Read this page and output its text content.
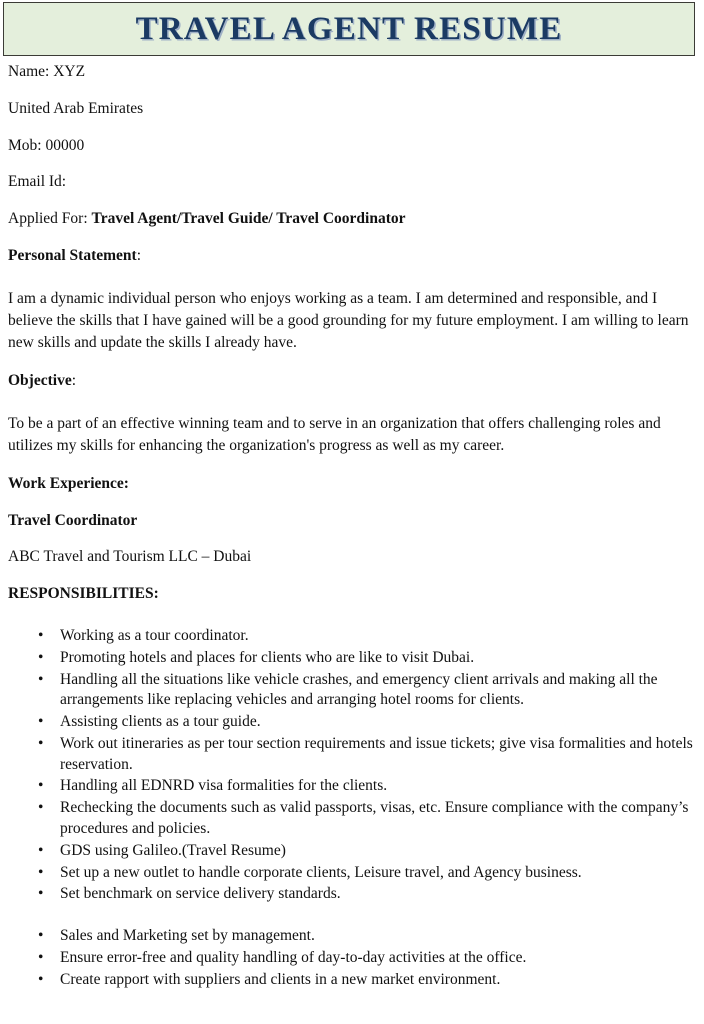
TRAVEL AGENT RESUME

Name: XYZ

United Arab Emirates

Mob: 00000

Email Id:

Applied For: Travel Agent/Travel Guide/ Travel Coordinator

Personal Statement:

I am a dynamic individual person who enjoys working as a team. I am determined and responsible, and I believe the skills that I have gained will be a good grounding for my future employment. I am willing to learn new skills and update the skills I already have.

Objective:

To be a part of an effective winning team and to serve in an organization that offers challenging roles and utilizes my skills for enhancing the organization's progress as well as my career.

Work Experience:

Travel Coordinator

ABC Travel and Tourism LLC – Dubai

RESPONSIBILITIES:

• Working as a tour coordinator.
• Promoting hotels and places for clients who are like to visit Dubai.
• Handling all the situations like vehicle crashes, and emergency client arrivals and making all the arrangements like replacing vehicles and arranging hotel rooms for clients.
• Assisting clients as a tour guide.
• Work out itineraries as per tour section requirements and issue tickets; give visa formalities and hotels reservation.
• Handling all EDNRD visa formalities for the clients.
• Rechecking the documents such as valid passports, visas, etc. Ensure compliance with the company’s procedures and policies.
• GDS using Galileo.(Travel Resume)
• Set up a new outlet to handle corporate clients, Leisure travel, and Agency business.
• Set benchmark on service delivery standards.
• Sales and Marketing set by management.
• Ensure error-free and quality handling of day-to-day activities at the office.
• Create rapport with suppliers and clients in a new market environment.
